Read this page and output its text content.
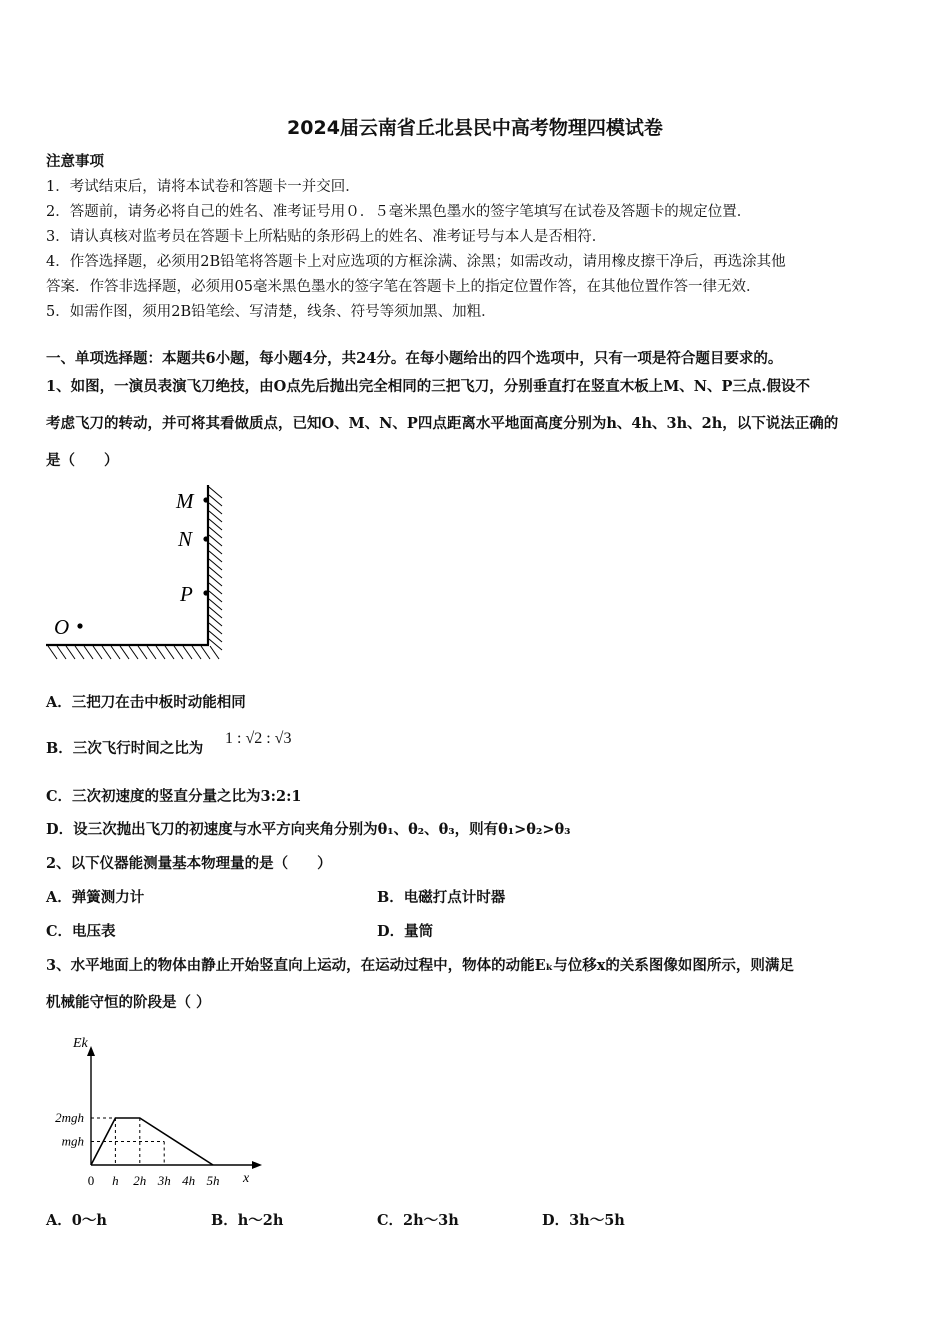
2024届云南省丘北县民中高考物理四模试卷
注意事项
1．考试结束后，请将本试卷和答题卡一并交回．
2．答题前，请务必将自己的姓名、准考证号用０．５毫米黑色墨水的签字笔填写在试卷及答题卡的规定位置．
3．请认真核对监考员在答题卡上所粘贴的条形码上的姓名、准考证号与本人是否相符．
4．作答选择题，必须用2B铅笔将答题卡上对应选项的方框涂满、涂黑；如需改动，请用橡皮擦干净后，再选涂其他
答案．作答非选择题，必须用05毫米黑色墨水的签字笔在答题卡上的指定位置作答，在其他位置作答一律无效．
5．如需作图，须用2B铅笔绘、写清楚，线条、符号等须加黑、加粗．
一、单项选择题：本题共6小题，每小题4分，共24分。在每小题给出的四个选项中，只有一项是符合题目要求的。
1、如图，一演员表演飞刀绝技，由O点先后抛出完全相同的三把飞刀，分别垂直打在竖直木板上M、N、P三点.假设不
考虑飞刀的转动，并可将其看做质点，已知O、M、N、P四点距离水平地面高度分别为h、4h、3h、2h，以下说法正确的
是（　　）
M
N
P
O
A．三把刀在击中板时动能相同
B．三次飞行时间之比为
1 : √2 : √3
C．三次初速度的竖直分量之比为3:2:1
D．设三次抛出飞刀的初速度与水平方向夹角分别为θ₁、θ₂、θ₃，则有θ₁>θ₂>θ₃
2、以下仪器能测量基本物理量的是（　　）
A．弹簧测力计	B．电磁打点计时器
C．电压表	D．量筒
3、水平地面上的物体由静止开始竖直向上运动，在运动过程中，物体的动能Eₖ与位移x的关系图像如图所示，则满足
机械能守恒的阶段是（ ）
0 h 2h 3h 4h 5h
2mgh
mgh
Ek
x
A．0～h	B．h～2h	C．2h～3h	D．3h～5h
